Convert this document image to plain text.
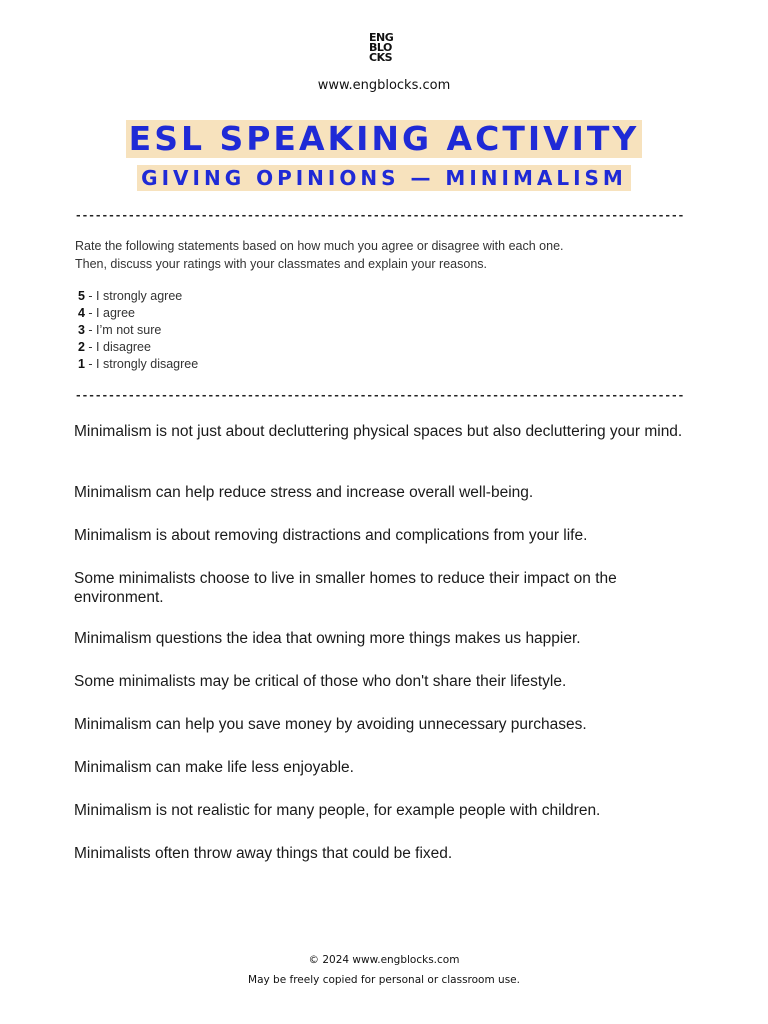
ENG
BLO
CKS
www.engblocks.com
ESL SPEAKING ACTIVITY
GIVING OPINIONS — MINIMALISM
--------------------------------------------------------------------------------------------

Rate the following statements based on how much you agree or disagree with each one.

Then, discuss your ratings with your classmates and explain your reasons.

5 - I strongly agree
4 - I agree
3 - I’m not sure
2 - I disagree
1 - I strongly disagree
--------------------------------------------------------------------------------------------
Minimalism is not just about decluttering physical spaces but also decluttering your mind.
Minimalism can help reduce stress and increase overall well-being.
Minimalism is about removing distractions and complications from your life.
Some minimalists choose to live in smaller homes to reduce their impact on the environment.
Minimalism questions the idea that owning more things makes us happier.
Some minimalists may be critical of those who don't share their lifestyle.
Minimalism can help you save money by avoiding unnecessary purchases.
Minimalism can make life less enjoyable.
Minimalism is not realistic for many people, for example people with children.
Minimalists often throw away things that could be fixed.
© 2024 www.engblocks.com
May be freely copied for personal or classroom use.
